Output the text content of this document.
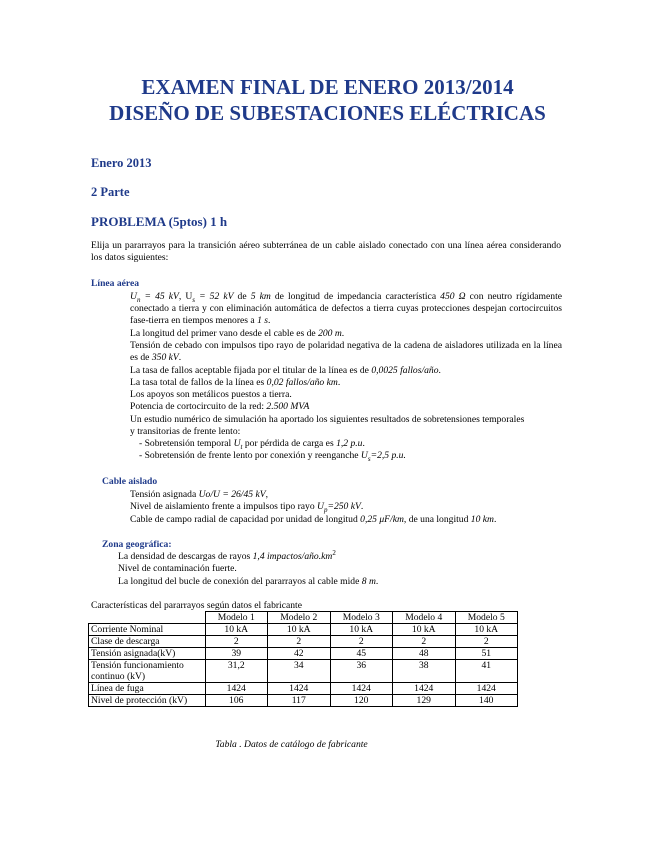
EXAMEN FINAL DE ENERO 2013/2014
DISEÑO DE SUBESTACIONES ELÉCTRICAS
Enero 2013
2 Parte
PROBLEMA (5ptos) 1 h
Elija un pararrayos para la transición aéreo subterránea de un cable aislado conectado con una línea aérea considerando los datos siguientes:
Línea aérea
$U_n = 45$ kV, $U_s = 52$ kV de 5 km de longitud de impedancia característica 450 Ω con neutro rígidamente conectado a tierra y con eliminación automática de defectos a tierra cuyas protecciones despejan cortocircuitos fase-tierra en tiempos menores a 1 s.
La longitud del primer vano desde el cable es de 200 m.
Tensión de cebado con impulsos tipo rayo de polaridad negativa de la cadena de aisladores utilizada en la línea es de 350 kV.
La tasa de fallos aceptable fijada por el titular de la línea es de 0,0025 fallos/año.
La tasa total de fallos de la línea es 0,02 fallos/año km.
Los apoyos son metálicos puestos a tierra.
Potencia de cortocircuito de la red: 2.500 MVA
Un estudio numérico de simulación ha aportado los siguientes resultados de sobretensiones temporales y transitorias de frente lento:
- Sobretensión temporal $U_t$ por pérdida de carga es 1,2 p.u.
- Sobretensión de frente lento por conexión y reenganche $U_s=2,5$ p.u.
Cable aislado
Tensión asignada Uo/U = 26/45 kV,
Nivel de aislamiento frente a impulsos tipo rayo $U_p=250$ kV.
Cable de campo radial de capacidad por unidad de longitud 0,25 μF/km, de una longitud 10 km.
Zona geográfica:
La densidad de descargas de rayos 1,4 impactos/$año.km^2$
Nivel de contaminación fuerte.
La longitud del bucle de conexión del pararrayos al cable mide 8 m.
Características del pararrayos según datos el fabricante
	Modelo 1	Modelo 2	Modelo 3	Modelo 4	Modelo 5
Corriente Nominal	10 kA	10 kA	10 kA	10 kA	10 kA
Clase de descarga	2	2	2	2	2
Tensión asignada(kV)	39	42	45	48	51
Tensión funcionamiento continuo (kV)	31,2	34	36	38	41
Línea de fuga	1424	1424	1424	1424	1424
Nivel de protección (kV)	106	117	120	129	140
Tabla . Datos de catálogo de fabricante
